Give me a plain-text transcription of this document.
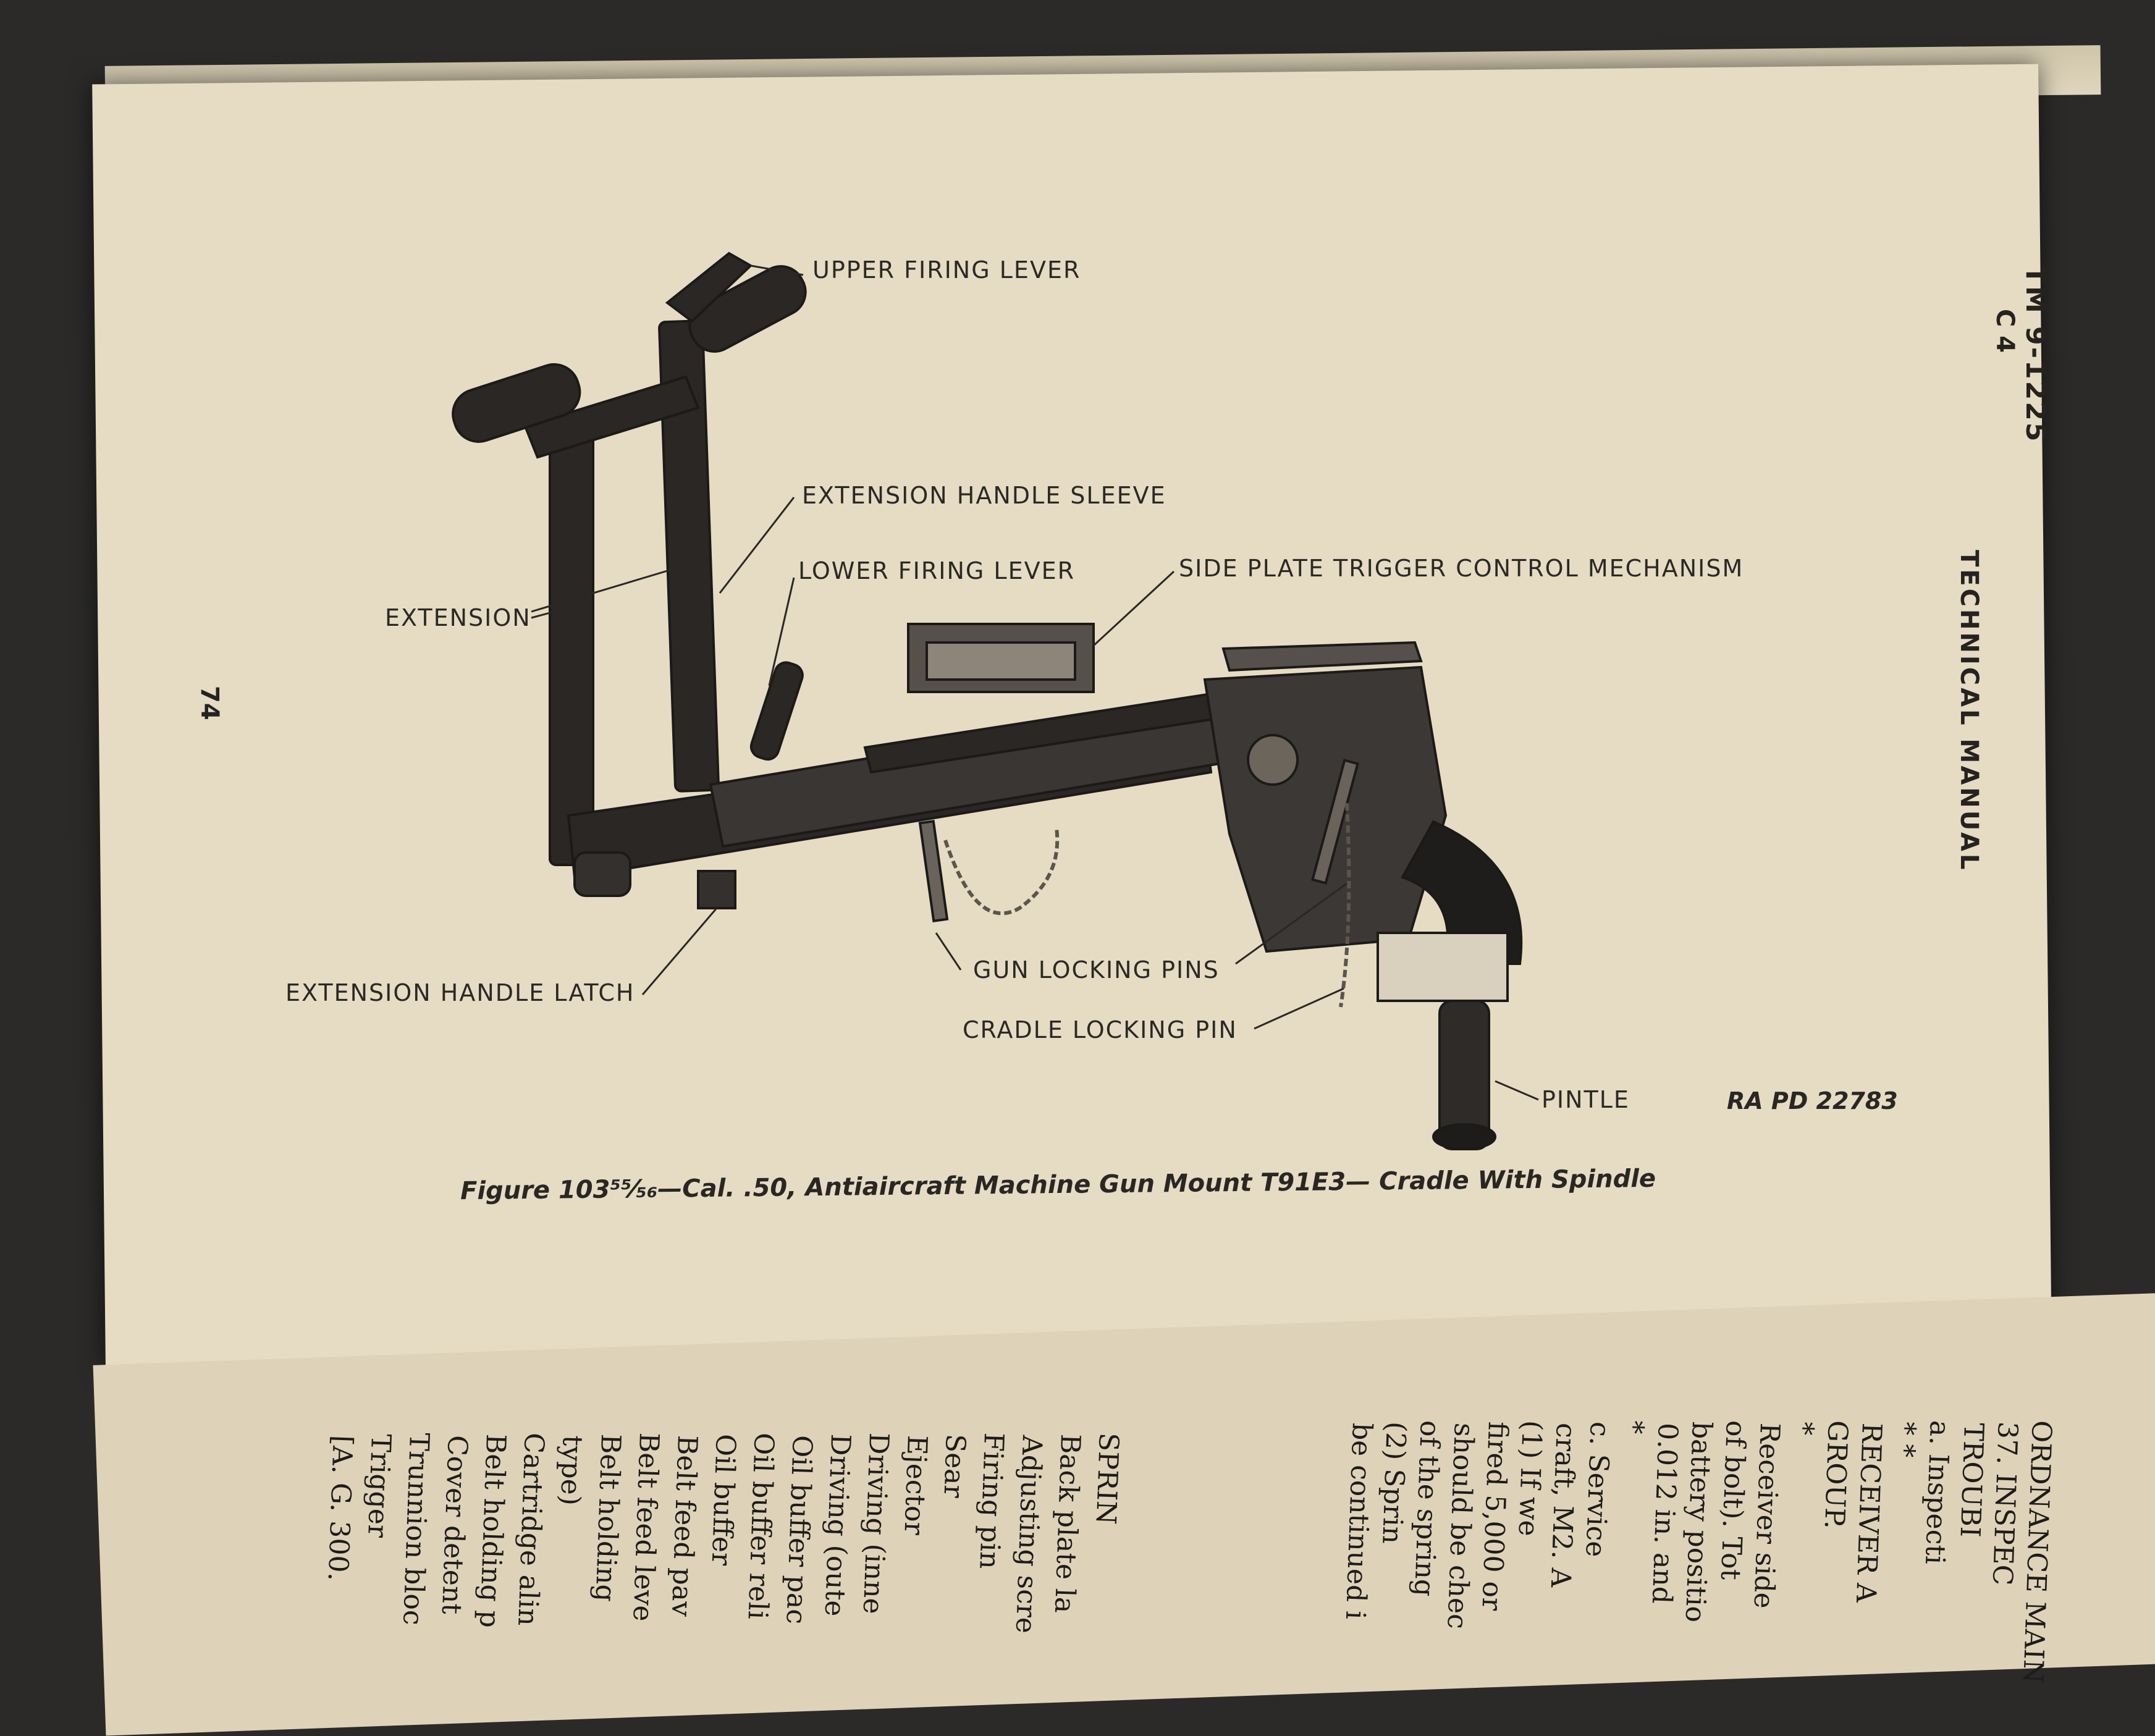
UPPER FIRING LEVER
EXTENSION HANDLE SLEEVE
LOWER FIRING LEVER	SIDE PLATE TRIGGER CONTROL MECHANISM
EXTENSION
EXTENSION HANDLE LATCH
GUN LOCKING PINS
CRADLE LOCKING PIN
PINTLE	RA PD 22783
Figure 103⁵⁵⁄₅₆—Cal. .50, Antiaircraft Machine Gun Mount T91E3— Cradle With Spindle
TM 9-1225
C 4
TECHNICAL MANUAL
74
ORDNANCE MAIN
37. INSPEC
TROUBI
a. Inspecti
* *
RECEIVER A
GROUP.
*
Receiver side
of bolt). Tot
battery positio
0.012 in. and
*
c. Service
craft, M2. A
(1) If we
fired 5,000 or
should be chec
of the spring
(2) Sprin
be continued i
SPRIN
Back plate la
Adjusting scre
Firing pin
Sear
Ejector
Driving (inne
Driving (oute
Oil buffer pac
Oil buffer reli
Oil buffer
Belt feed pav
Belt feed leve
Belt holding
type)
Cartridge alin
Belt holding p
Cover detent
Trunnion bloc
Trigger
[A. G. 300.
